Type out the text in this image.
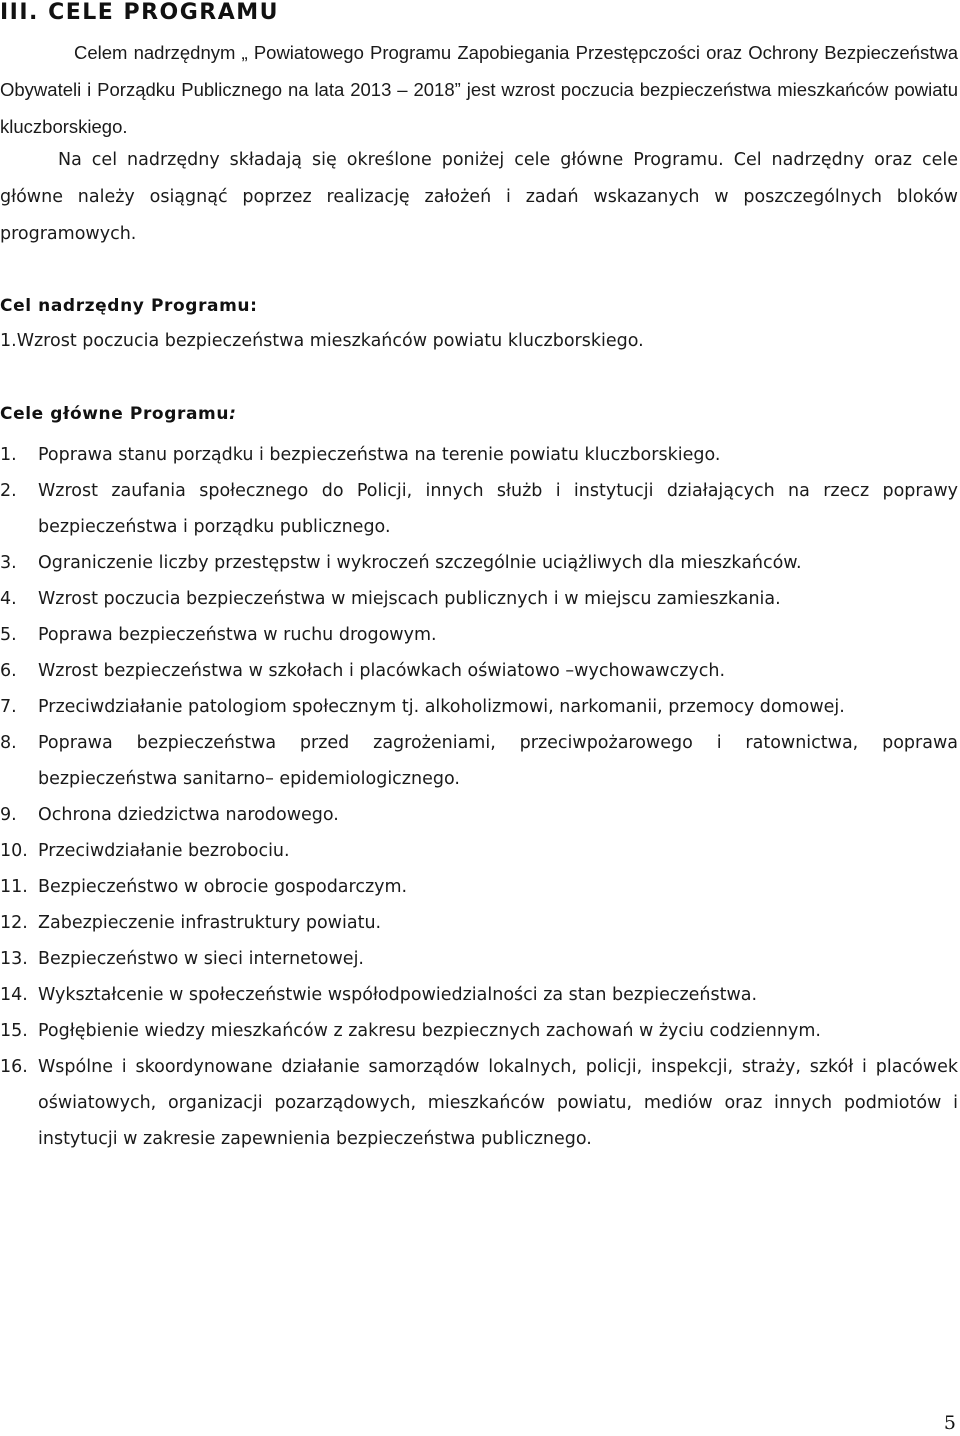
III. CELE PROGRAMU

Celem nadrzędnym „ Powiatowego Programu Zapobiegania Przestępczości oraz Ochrony Bezpieczeństwa Obywateli i Porządku Publicznego na lata 2013 – 2018” jest wzrost poczucia bezpieczeństwa mieszkańców powiatu kluczborskiego.

Na cel nadrzędny składają się określone poniżej cele główne Programu. Cel nadrzędny oraz cele główne należy osiągnąć poprzez realizację założeń i zadań wskazanych w poszczególnych bloków programowych.

Cel nadrzędny Programu:
1.Wzrost poczucia bezpieczeństwa mieszkańców powiatu kluczborskiego.
Cele główne Programu:
1.	Poprawa stanu porządku i bezpieczeństwa na terenie powiatu kluczborskiego.
2.	Wzrost zaufania społecznego do Policji, innych służb i instytucji działających na rzecz poprawy bezpieczeństwa i porządku publicznego.
3.	Ograniczenie liczby przestępstw i wykroczeń szczególnie uciążliwych dla mieszkańców.
4.	Wzrost poczucia bezpieczeństwa w miejscach publicznych i w miejscu zamieszkania.
5.	Poprawa bezpieczeństwa w ruchu drogowym.
6.	Wzrost bezpieczeństwa w szkołach i placówkach oświatowo –wychowawczych.
7.	Przeciwdziałanie patologiom społecznym tj. alkoholizmowi, narkomanii, przemocy domowej.
8.	Poprawa bezpieczeństwa przed zagrożeniami, przeciwpożarowego i ratownictwa, poprawa bezpieczeństwa sanitarno– epidemiologicznego.
9.	Ochrona dziedzictwa narodowego.
10. Przeciwdziałanie bezrobociu.
11. Bezpieczeństwo w obrocie gospodarczym.
12. Zabezpieczenie infrastruktury powiatu.
13. Bezpieczeństwo w sieci internetowej.
14. Wykształcenie w społeczeństwie współodpowiedzialności za stan bezpieczeństwa.
15. Pogłębienie wiedzy mieszkańców z zakresu bezpiecznych zachowań w życiu codziennym.
16. Wspólne i skoordynowane działanie samorządów lokalnych, policji, inspekcji, straży, szkół i placówek oświatowych, organizacji pozarządowych, mieszkańców powiatu, mediów oraz innych podmiotów i instytucji w zakresie zapewnienia bezpieczeństwa publicznego.
5
